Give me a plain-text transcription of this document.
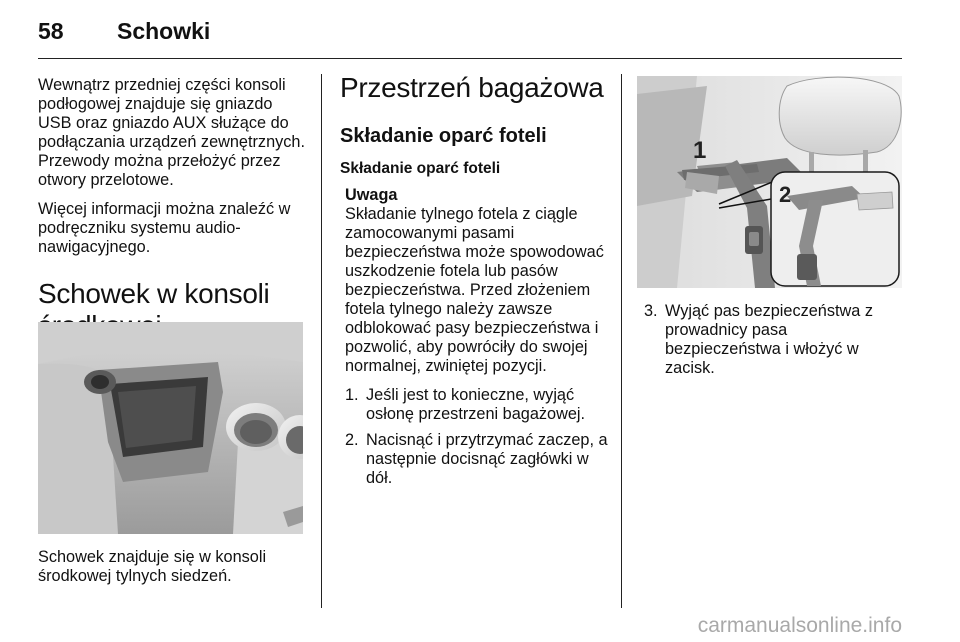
58 Schowki

Wewnątrz przedniej części konsoli podłogowej znajduje się gniazdo USB oraz gniazdo AUX służące do podłączania urządzeń zewnętrznych. Przewody można przełożyć przez otwory przelotowe.

Więcej informacji można znaleźć w podręczniku systemu audio-nawigacyjnego.

Schowek w konsoli

Schowek znajduje się w konsoli środkowej tylnych siedzeń.

Przestrzeń bagażowa
Składanie oparć foteli
Składanie oparć foteli
Uwaga
Składanie tylnego fotela z ciągle zamocowanymi pasami bezpieczeństwa może spowodować uszkodzenie fotela lub pasów bezpieczeństwa. Przed złożeniem fotela tylnego należy zawsze odblokować pasy bezpieczeństwa i pozwolić, aby powróciły do swojej normalnej, zwiniętej pozycji.
1. Jeśli jest to konieczne, wyjąć osłonę przestrzeni bagażowej.
2. Nacisnąć i przytrzymać zaczep, a następnie docisnąć zagłówki w dół.
1
2
3. Wyjąć pas bezpieczeństwa z prowadnicy pasa bezpieczeństwa i włożyć w zacisk.
carmanualsonline.info
